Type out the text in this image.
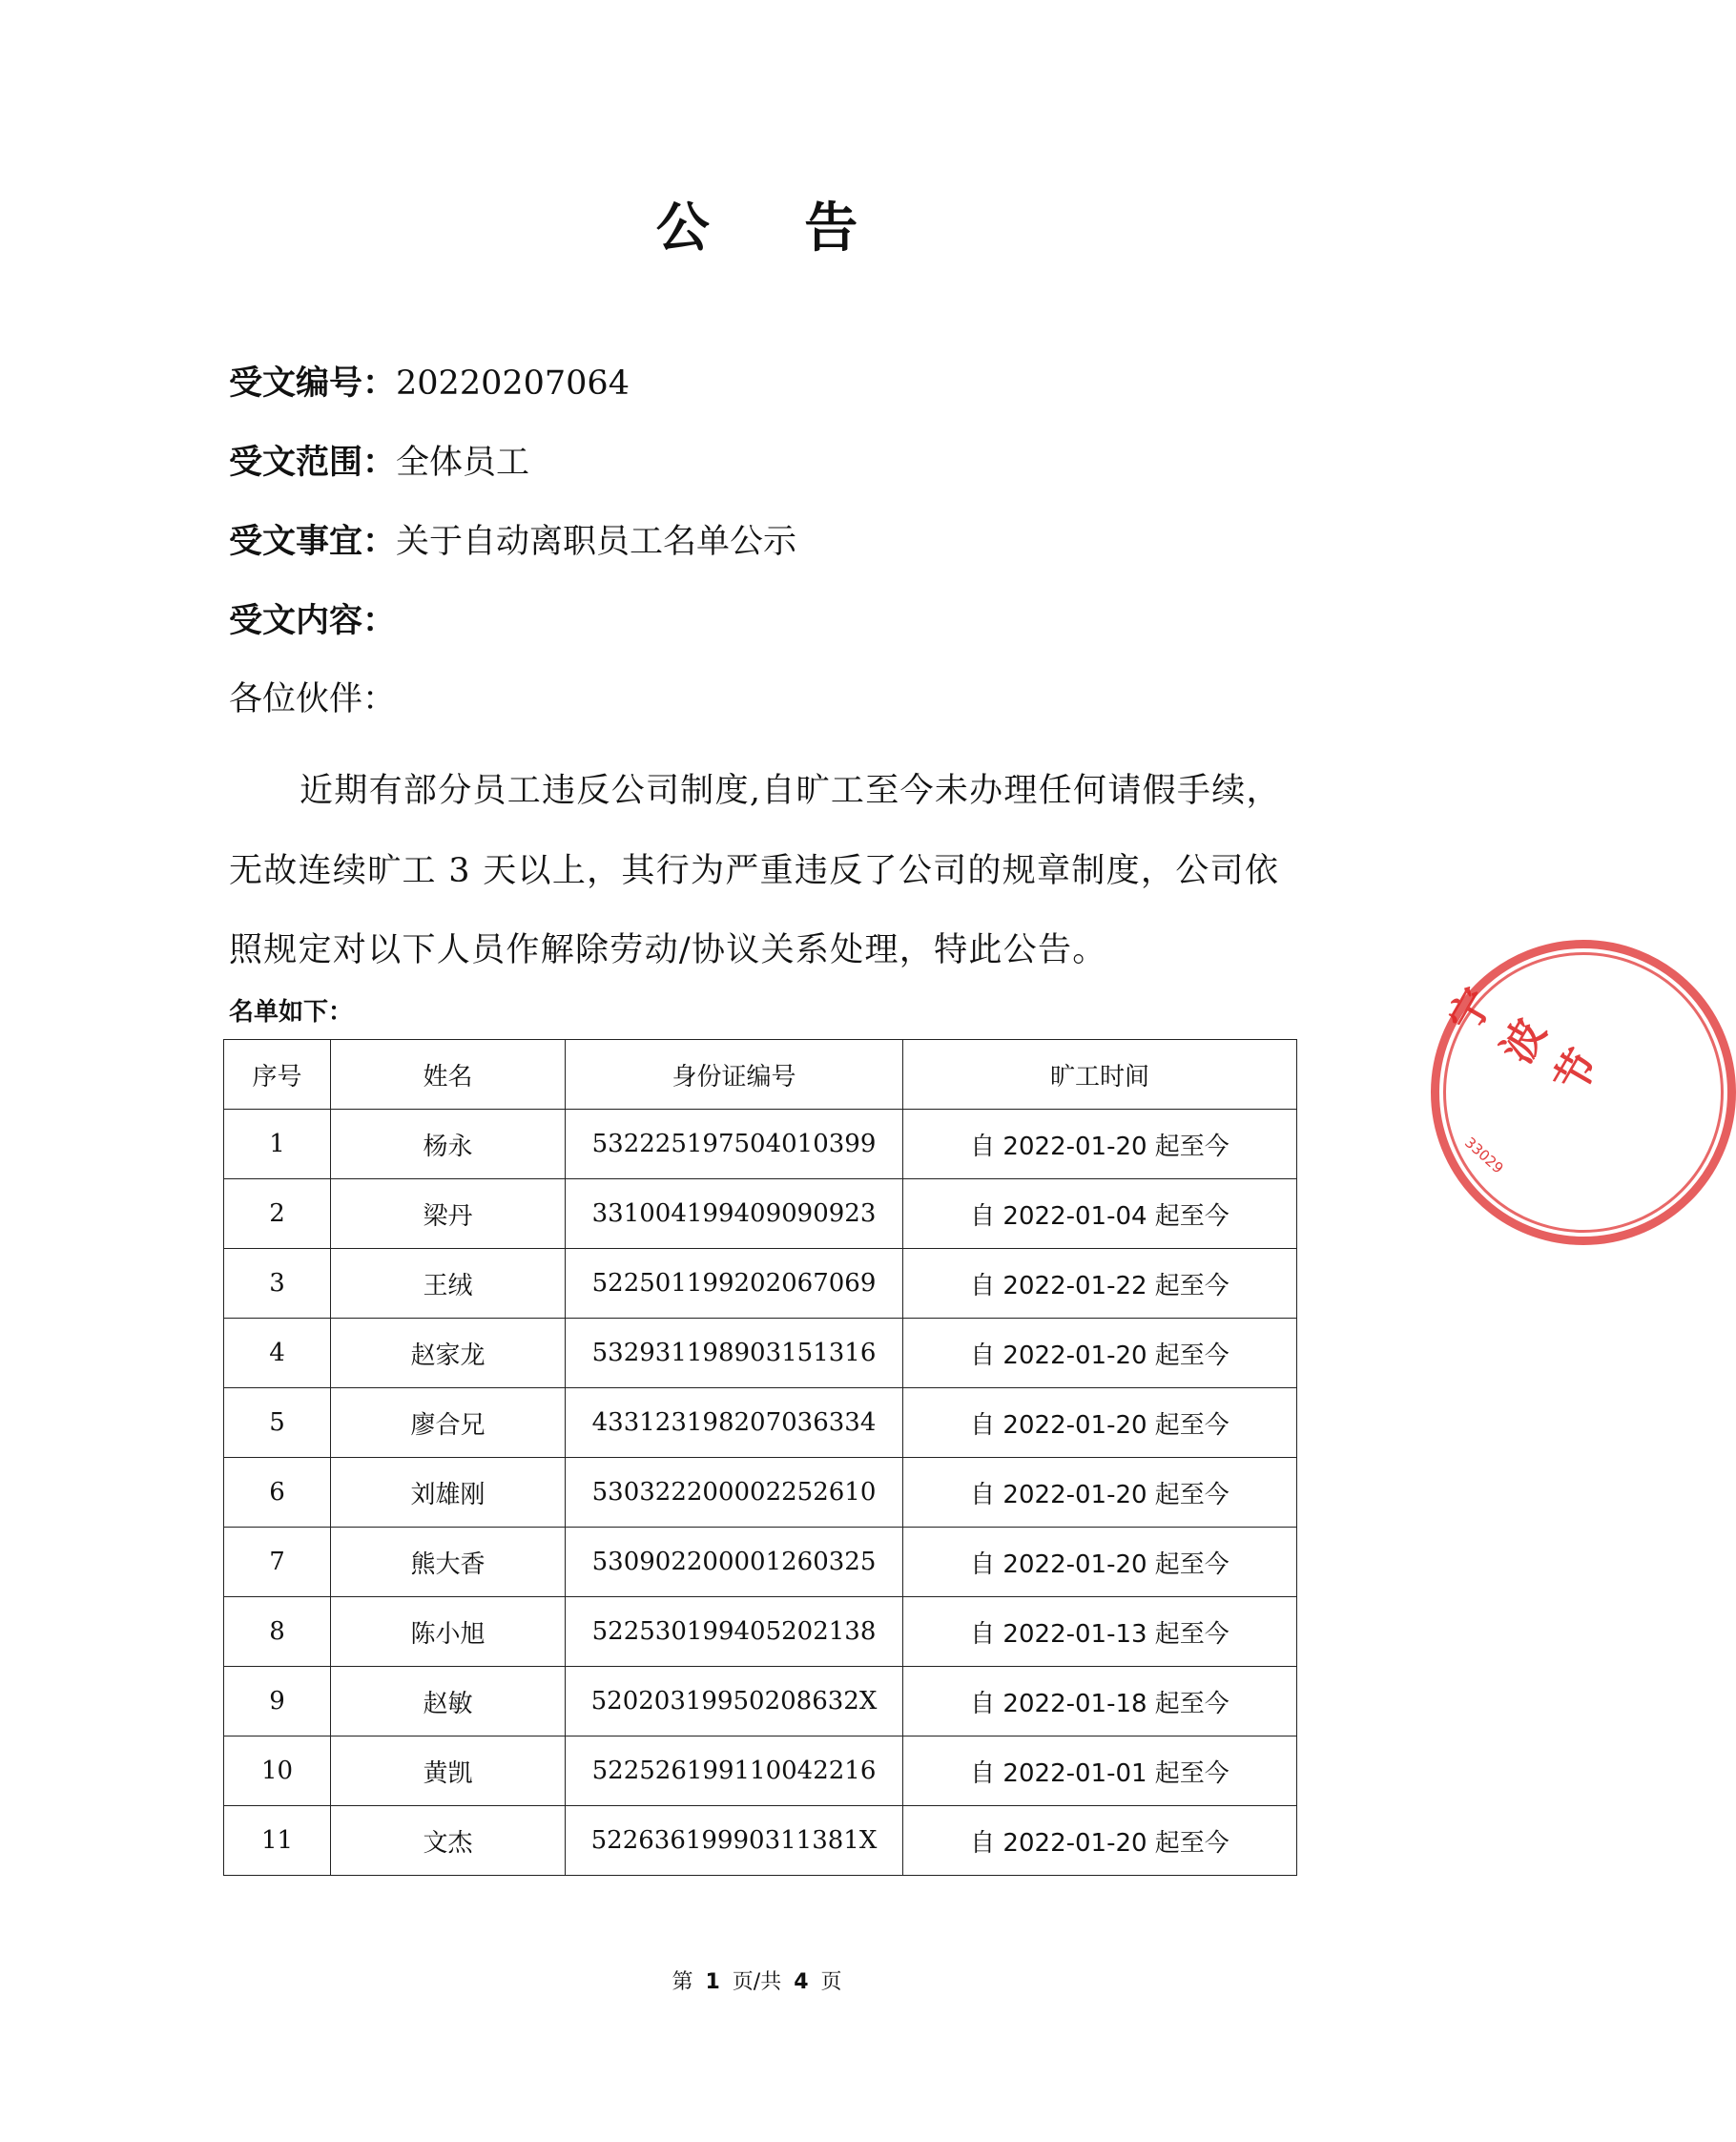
公 告
受文编号：20220207064
受文范围：全体员工
受文事宜：关于自动离职员工名单公示
受文内容：
各位伙伴：
近期有部分员工违反公司制度,自旷工至今未办理任何请假手续，无故连续旷工 3 天以上，其行为严重违反了公司的规章制度，公司依照规定对以下人员作解除劳动/协议关系处理，特此公告。
名单如下：
序号	姓名	身份证编号	旷工时间
1	杨永	532225197504010399	自 2022-01-20 起至今
2	梁丹	331004199409090923	自 2022-01-04 起至今
3	王绒	522501199202067069	自 2022-01-22 起至今
4	赵家龙	532931198903151316	自 2022-01-20 起至今
5	廖合兄	433123198207036334	自 2022-01-20 起至今
6	刘雄刚	530322200002252610	自 2022-01-20 起至今
7	熊大香	530902200001260325	自 2022-01-20 起至今
8	陈小旭	522530199405202138	自 2022-01-13 起至今
9	赵敏	52020319950208632X	自 2022-01-18 起至今
10	黄凯	522526199110042216	自 2022-01-01 起至今
11	文杰	52263619990311381X	自 2022-01-20 起至今
第 1 页/共 4 页
宁波节
33029
